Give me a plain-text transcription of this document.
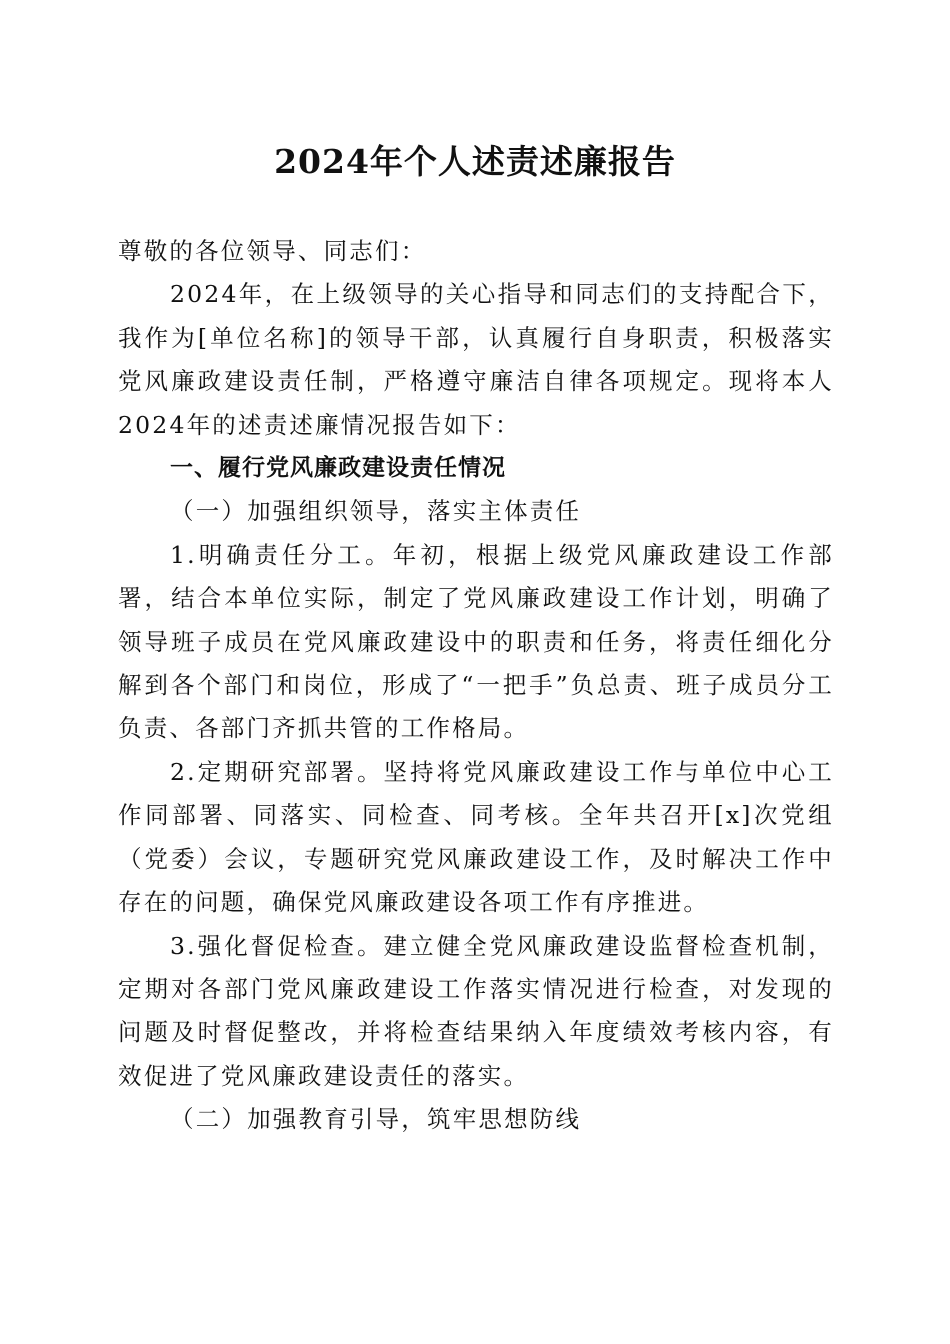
2024年个人述责述廉报告

尊敬的各位领导、同志们：

2024年，在上级领导的关心指导和同志们的支持配合下，我作为[单位名称]的领导干部，认真履行自身职责，积极落实党风廉政建设责任制，严格遵守廉洁自律各项规定。现将本人2024年的述责述廉情况报告如下：

一、履行党风廉政建设责任情况

（一）加强组织领导，落实主体责任

1.明确责任分工。年初，根据上级党风廉政建设工作部署，结合本单位实际，制定了党风廉政建设工作计划，明确了领导班子成员在党风廉政建设中的职责和任务，将责任细化分解到各个部门和岗位，形成了“一把手”负总责、班子成员分工负责、各部门齐抓共管的工作格局。

2.定期研究部署。坚持将党风廉政建设工作与单位中心工作同部署、同落实、同检查、同考核。全年共召开[x]次党组（党委）会议，专题研究党风廉政建设工作，及时解决工作中存在的问题，确保党风廉政建设各项工作有序推进。

3.强化督促检查。建立健全党风廉政建设监督检查机制，定期对各部门党风廉政建设工作落实情况进行检查，对发现的问题及时督促整改，并将检查结果纳入年度绩效考核内容，有效促进了党风廉政建设责任的落实。

（二）加强教育引导，筑牢思想防线
